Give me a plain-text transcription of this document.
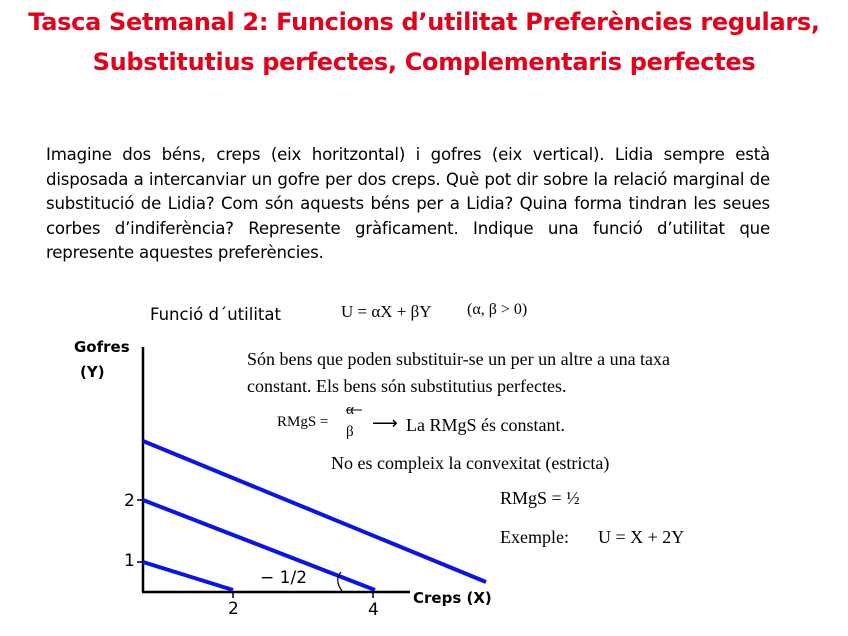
Tasca Setmanal 2: Funcions d’utilitat Preferències regulars,
Substitutius perfectes, Complementaris perfectes
Imagine dos béns, creps (eix horitzontal) i gofres (eix vertical). Lidia sempre està disposada a intercanviar un gofre per dos creps. Què pot dir sobre la relació marginal de substitució de Lidia? Com són aquests béns per a Lidia? Quina forma tindran les seues corbes d’indiferència? Represente gràficament. Indique una funció d’utilitat que represente aquestes preferències.
Funció d´utilitat	U = αX + βY (α, β > 0)
Són bens que poden substituir-se un per un altre a una taxa
constant. Els bens són substitutius perfectes.
RMgS =
α
β ⟶ La RMgS és constant.
No es compleix la convexitat (estricta)
RMgS = ½
Exemple: U = X + 2Y
Gofres
(Y)
Creps (X)
2
1
2	4
− 1/2
